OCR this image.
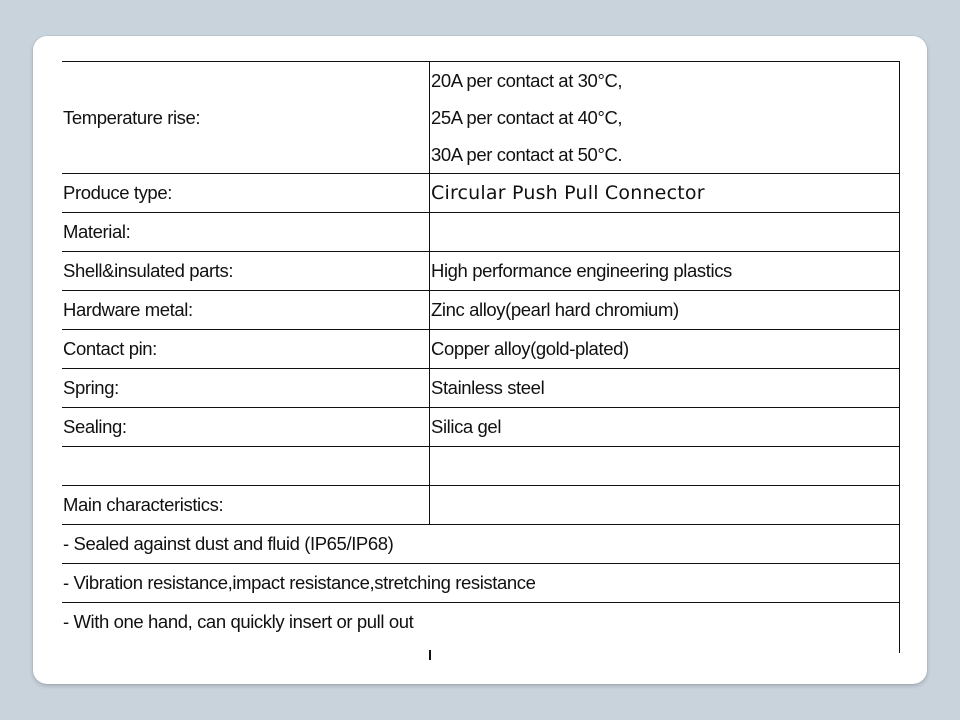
Temperature rise:	20A per contact at 30°C,
25A per contact at 40°C,
30A per contact at 50°C.

Produce type:	Circular Push Pull Connector
Material:	
Shell&insulated parts:	High performance engineering plastics
Hardware metal:	Zinc alloy(pearl hard chromium)
Contact pin:	Copper alloy(gold-plated)
Spring:	Stainless steel
Sealing:	Silica gel

Main characteristics:	
- Sealed against dust and fluid (IP65/IP68)	
- Vibration resistance,impact resistance,stretching resistance	
- With one hand, can quickly insert or pull out	
